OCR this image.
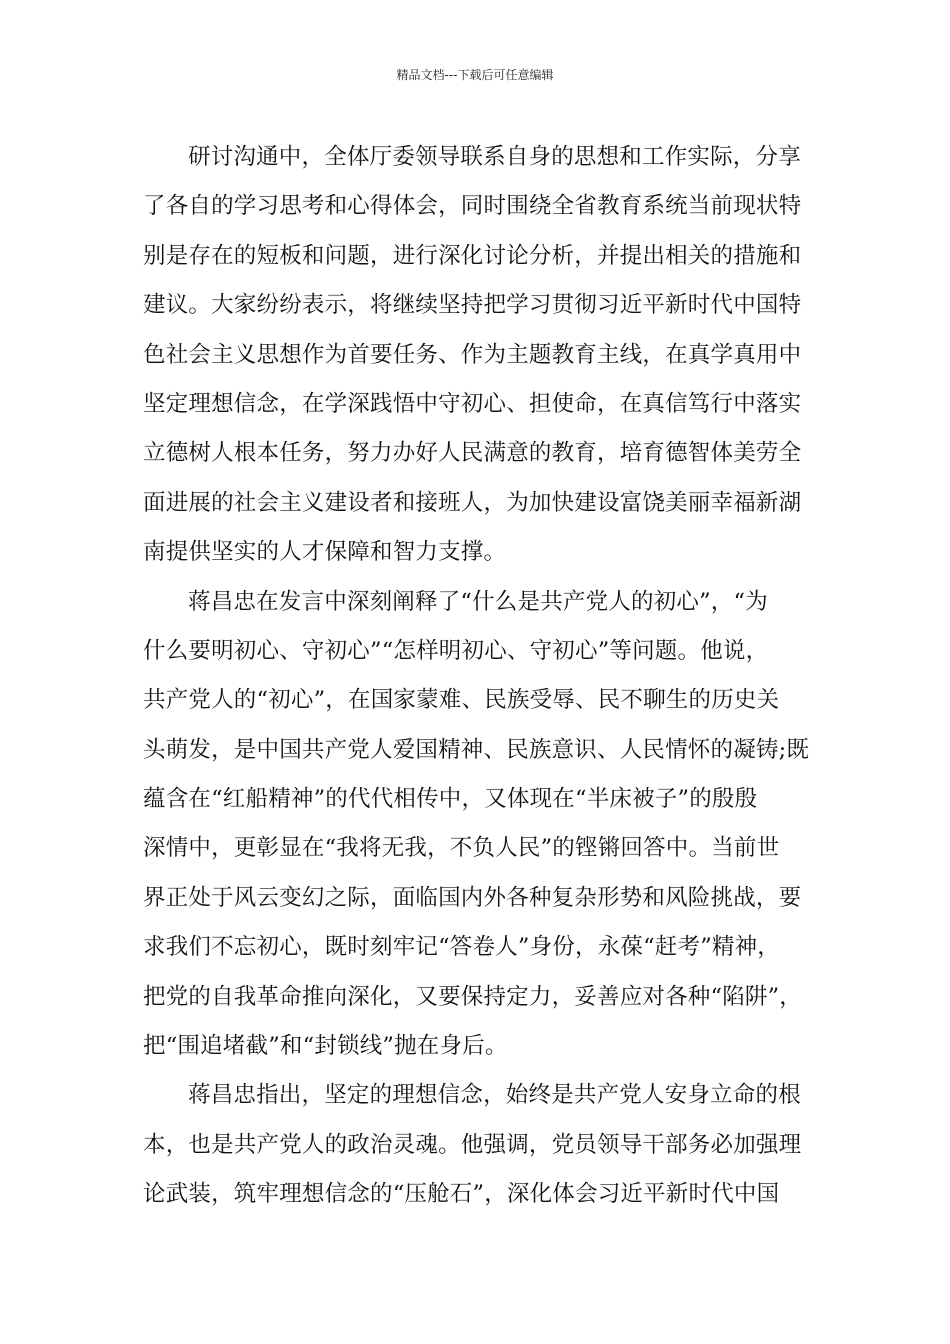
精品文档---下载后可任意编辑
研讨沟通中，全体厅委领导联系自身的思想和工作实际，分享
了各自的学习思考和心得体会，同时围绕全省教育系统当前现状特
别是存在的短板和问题，进行深化讨论分析，并提出相关的措施和
建议。大家纷纷表示，将继续坚持把学习贯彻习近平新时代中国特
色社会主义思想作为首要任务、作为主题教育主线，在真学真用中
坚定理想信念，在学深践悟中守初心、担使命，在真信笃行中落实
立德树人根本任务，努力办好人民满意的教育，培育德智体美劳全
面进展的社会主义建设者和接班人，为加快建设富饶美丽幸福新湖
南提供坚实的人才保障和智力支撑。
蒋昌忠在发言中深刻阐释了“什么是共产党人的初心”，“为
什么要明初心、守初心”“怎样明初心、守初心”等问题。他说，
共产党人的“初心”，在国家蒙难、民族受辱、民不聊生的历史关
头萌发，是中国共产党人爱国精神、民族意识、人民情怀的凝铸;既
蕴含在“红船精神”的代代相传中，又体现在“半床被子”的殷殷
深情中，更彰显在“我将无我，不负人民”的铿锵回答中。当前世
界正处于风云变幻之际，面临国内外各种复杂形势和风险挑战，要
求我们不忘初心，既时刻牢记“答卷人”身份，永葆“赶考”精神，
把党的自我革命推向深化，又要保持定力，妥善应对各种“陷阱”，
把“围追堵截”和“封锁线”抛在身后。
蒋昌忠指出，坚定的理想信念，始终是共产党人安身立命的根
本，也是共产党人的政治灵魂。他强调，党员领导干部务必加强理
论武装，筑牢理想信念的“压舱石”，深化体会习近平新时代中国
